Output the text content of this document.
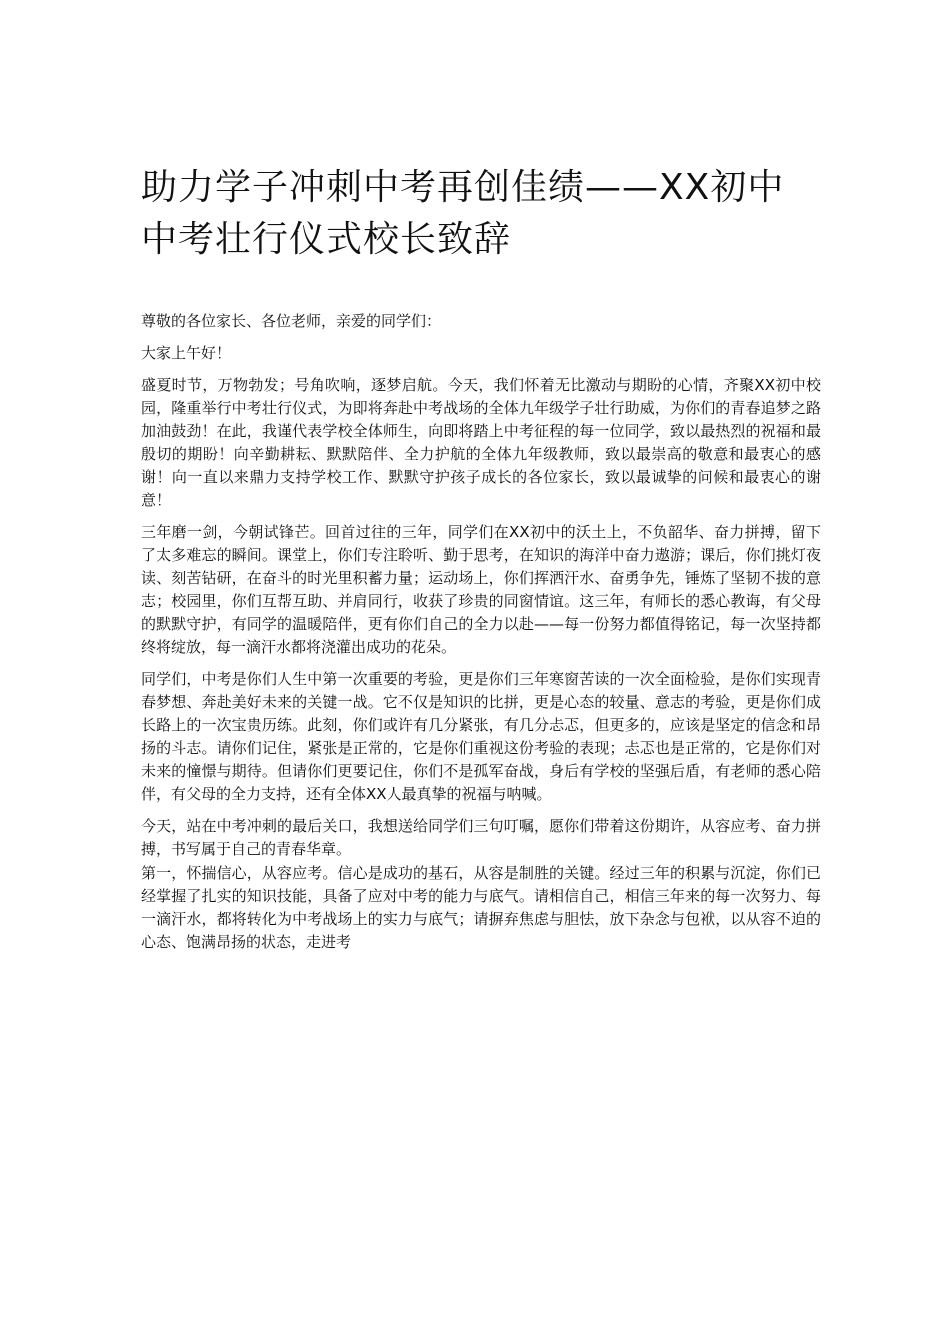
助力学子冲刺中考再创佳绩——XX初中中考壮行仪式校长致辞

尊敬的各位家长、各位老师，亲爱的同学们：

大家上午好！

盛夏时节，万物勃发；号角吹响，逐梦启航。今天，我们怀着无比激动与期盼的心情，齐聚XX初中校园，隆重举行中考壮行仪式，为即将奔赴中考战场的全体九年级学子壮行助威，为你们的青春追梦之路加油鼓劲！在此，我谨代表学校全体师生，向即将踏上中考征程的每一位同学，致以最热烈的祝福和最殷切的期盼！向辛勤耕耘、默默陪伴、全力护航的全体九年级教师，致以最崇高的敬意和最衷心的感谢！向一直以来鼎力支持学校工作、默默守护孩子成长的各位家长，致以最诚挚的问候和最衷心的谢意！

三年磨一剑，今朝试锋芒。回首过往的三年，同学们在XX初中的沃土上，不负韶华、奋力拼搏，留下了太多难忘的瞬间。课堂上，你们专注聆听、勤于思考，在知识的海洋中奋力遨游；课后，你们挑灯夜读、刻苦钻研，在奋斗的时光里积蓄力量；运动场上，你们挥洒汗水、奋勇争先，锤炼了坚韧不拔的意志；校园里，你们互帮互助、并肩同行，收获了珍贵的同窗情谊。这三年，有师长的悉心教诲，有父母的默默守护，有同学的温暖陪伴，更有你们自己的全力以赴——每一份努力都值得铭记，每一次坚持都终将绽放，每一滴汗水都将浇灌出成功的花朵。

同学们，中考是你们人生中第一次重要的考验，更是你们三年寒窗苦读的一次全面检验，是你们实现青春梦想、奔赴美好未来的关键一战。它不仅是知识的比拼，更是心态的较量、意志的考验，更是你们成长路上的一次宝贵历练。此刻，你们或许有几分紧张，有几分忐忑，但更多的，应该是坚定的信念和昂扬的斗志。请你们记住，紧张是正常的，它是你们重视这份考验的表现；忐忑也是正常的，它是你们对未来的憧憬与期待。但请你们更要记住，你们不是孤军奋战，身后有学校的坚强后盾，有老师的悉心陪伴，有父母的全力支持，还有全体XX人最真挚的祝福与呐喊。

今天，站在中考冲刺的最后关口，我想送给同学们三句叮嘱，愿你们带着这份期许，从容应考、奋力拼搏，书写属于自己的青春华章。

第一，怀揣信心，从容应考。信心是成功的基石，从容是制胜的关键。经过三年的积累与沉淀，你们已经掌握了扎实的知识技能，具备了应对中考的能力与底气。请相信自己，相信三年来的每一次努力、每一滴汗水，都将转化为中考战场上的实力与底气；请摒弃焦虑与胆怯，放下杂念与包袱，以从容不迫的心态、饱满昂扬的状态，走进考
